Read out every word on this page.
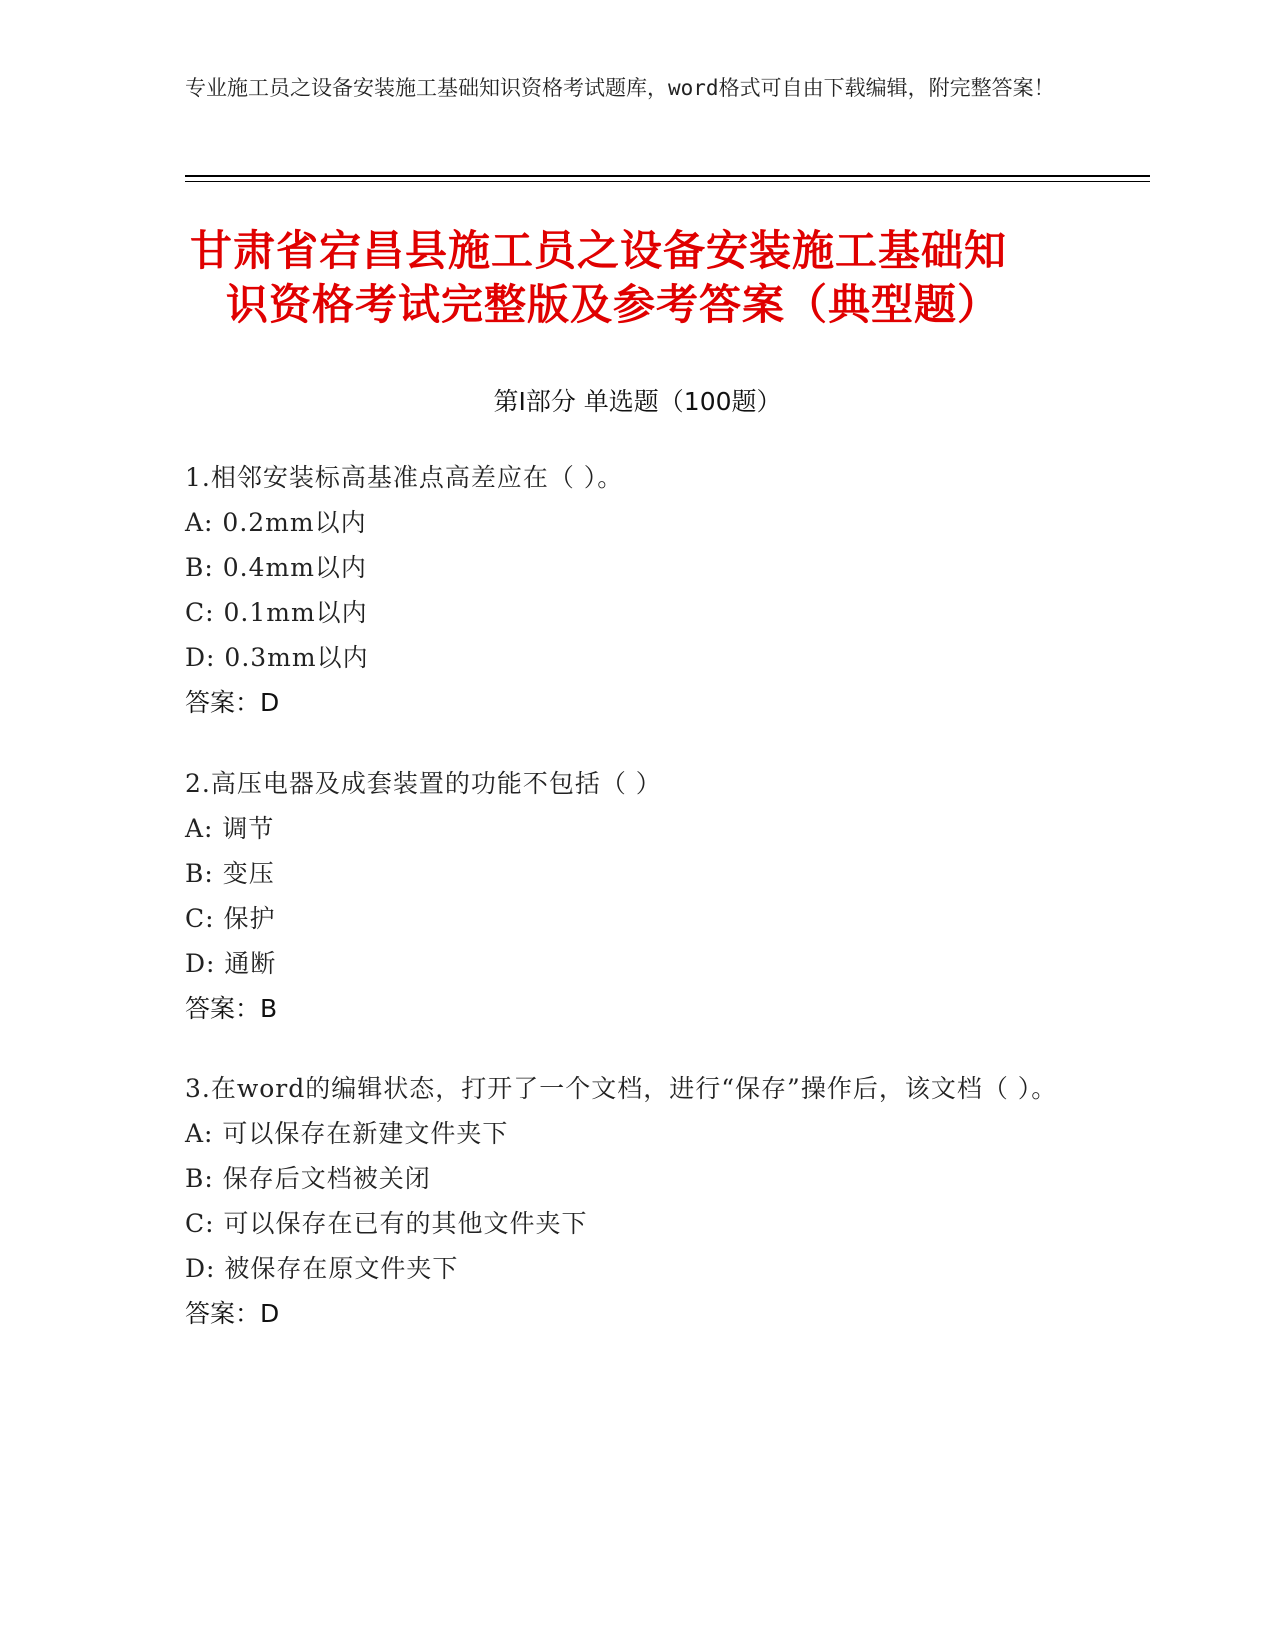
专业施工员之设备安装施工基础知识资格考试题库，word格式可自由下载编辑，附完整答案！
甘肃省宕昌县施工员之设备安装施工基础知
识资格考试完整版及参考答案（典型题）
第Ⅰ部分 单选题（100题）
1.相邻安装标高基准点高差应在（ ）。
A: 0.2mm以内
B: 0.4mm以内
C: 0.1mm以内
D: 0.3mm以内
答案：D
2.高压电器及成套装置的功能不包括（ ）
A: 调节
B: 变压
C: 保护
D: 通断
答案：B
3.在word的编辑状态，打开了一个文档，进行“保存”操作后，该文档（ ）。
A: 可以保存在新建文件夹下
B: 保存后文档被关闭
C: 可以保存在已有的其他文件夹下
D: 被保存在原文件夹下
答案：D
